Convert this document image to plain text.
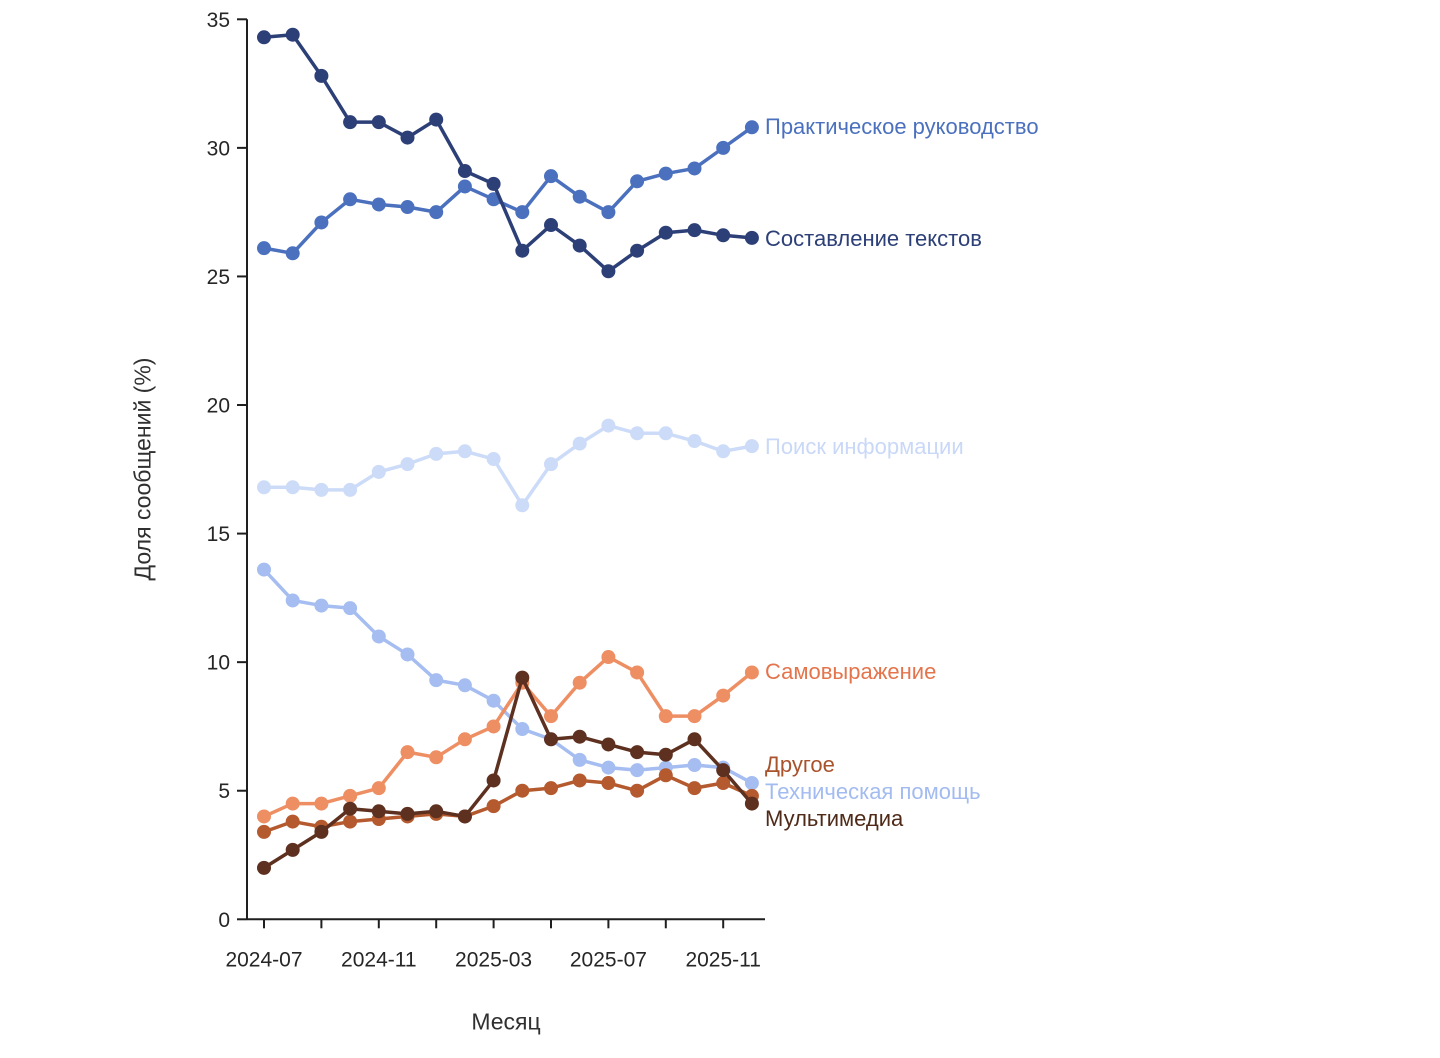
0
5
10
15
20
25
30
35
2024-07 2024-11 2025-03 2025-07 2025-11
Доля сообщений (%)
Месяц
Практическое руководство
Составление текстов
Поиск информации
Самовыражение
Другое
Техническая помощь
Мультимедиа
